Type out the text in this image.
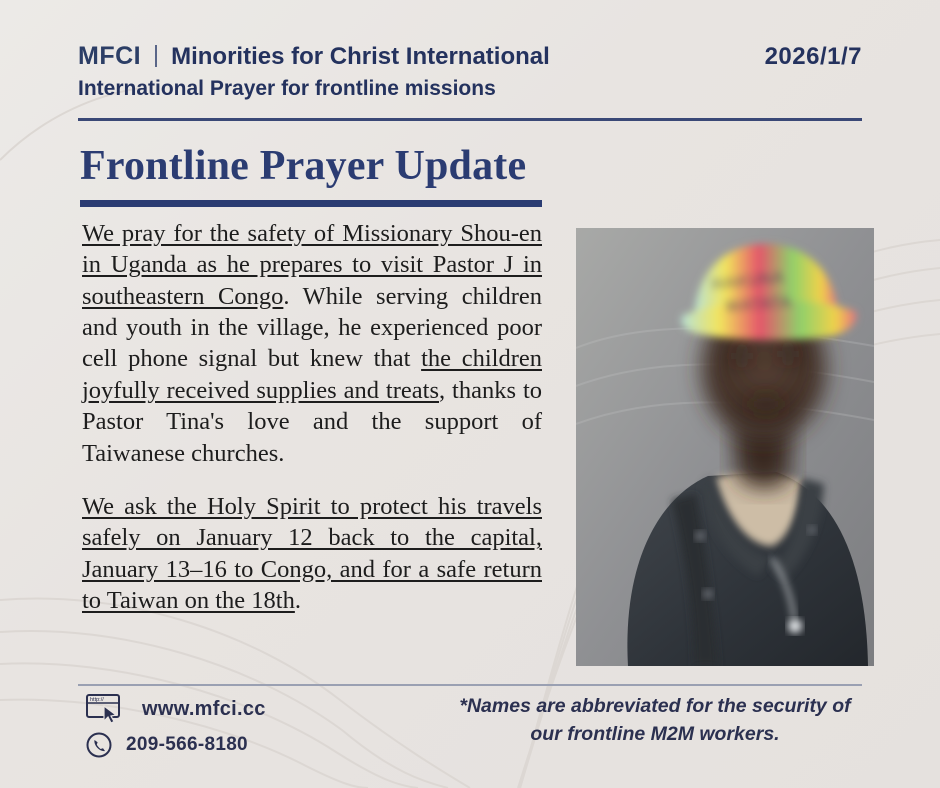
MFCI Minorities for Christ International	2026/1/7
International Prayer for frontline missions
Frontline Prayer Update

We pray for the safety of Missionary Shou-en in Uganda as he prepares to visit Pastor J in southeastern Congo. While serving children and youth in the village, he experienced poor cell phone signal but knew that the children joyfully received supplies and treats, thanks to Pastor Tina's love and the support of Taiwanese churches.

We ask the Holy Spirit to protect his travels safely on January 12 back to the capital, January 13–16 to Congo, and for a safe return to Taiwan on the 18th.

HAKUNA
MATATA
http:// www.mfci.cc
209-566-8180
*Names are abbreviated for the security of
our frontline M2M workers.
